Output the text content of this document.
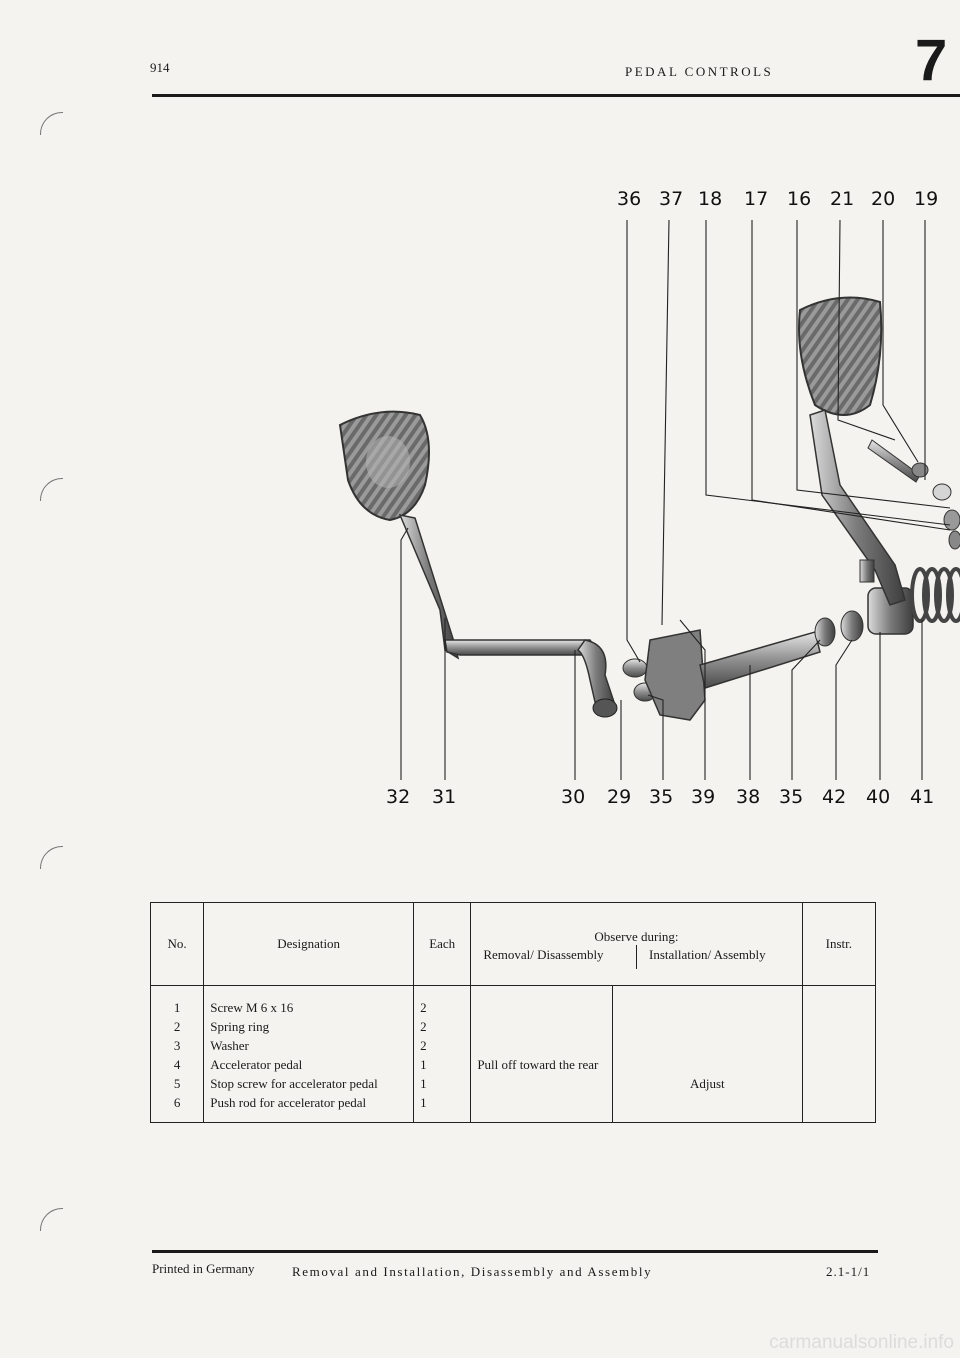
914	PEDAL CONTROLS 7
36 37 18 17 16 21 20 19
32 31	30 29 35 39 38 35 42 40 41
No.	Designation	Each	Observe during:
Removal/ Disassembly Installation/ Assembly		Instr.
1	Screw M 6 x 16	2			
2	Spring ring	2			
3	Washer	2			
4	Accelerator pedal	1	Pull off toward the rear		
5	Stop screw for accelerator pedal	1		Adjust	
6	Push rod for accelerator pedal	1			
Printed in Germany	Removal and Installation, Disassembly and Assembly	2.1-1/1
carmanualsonline.info
